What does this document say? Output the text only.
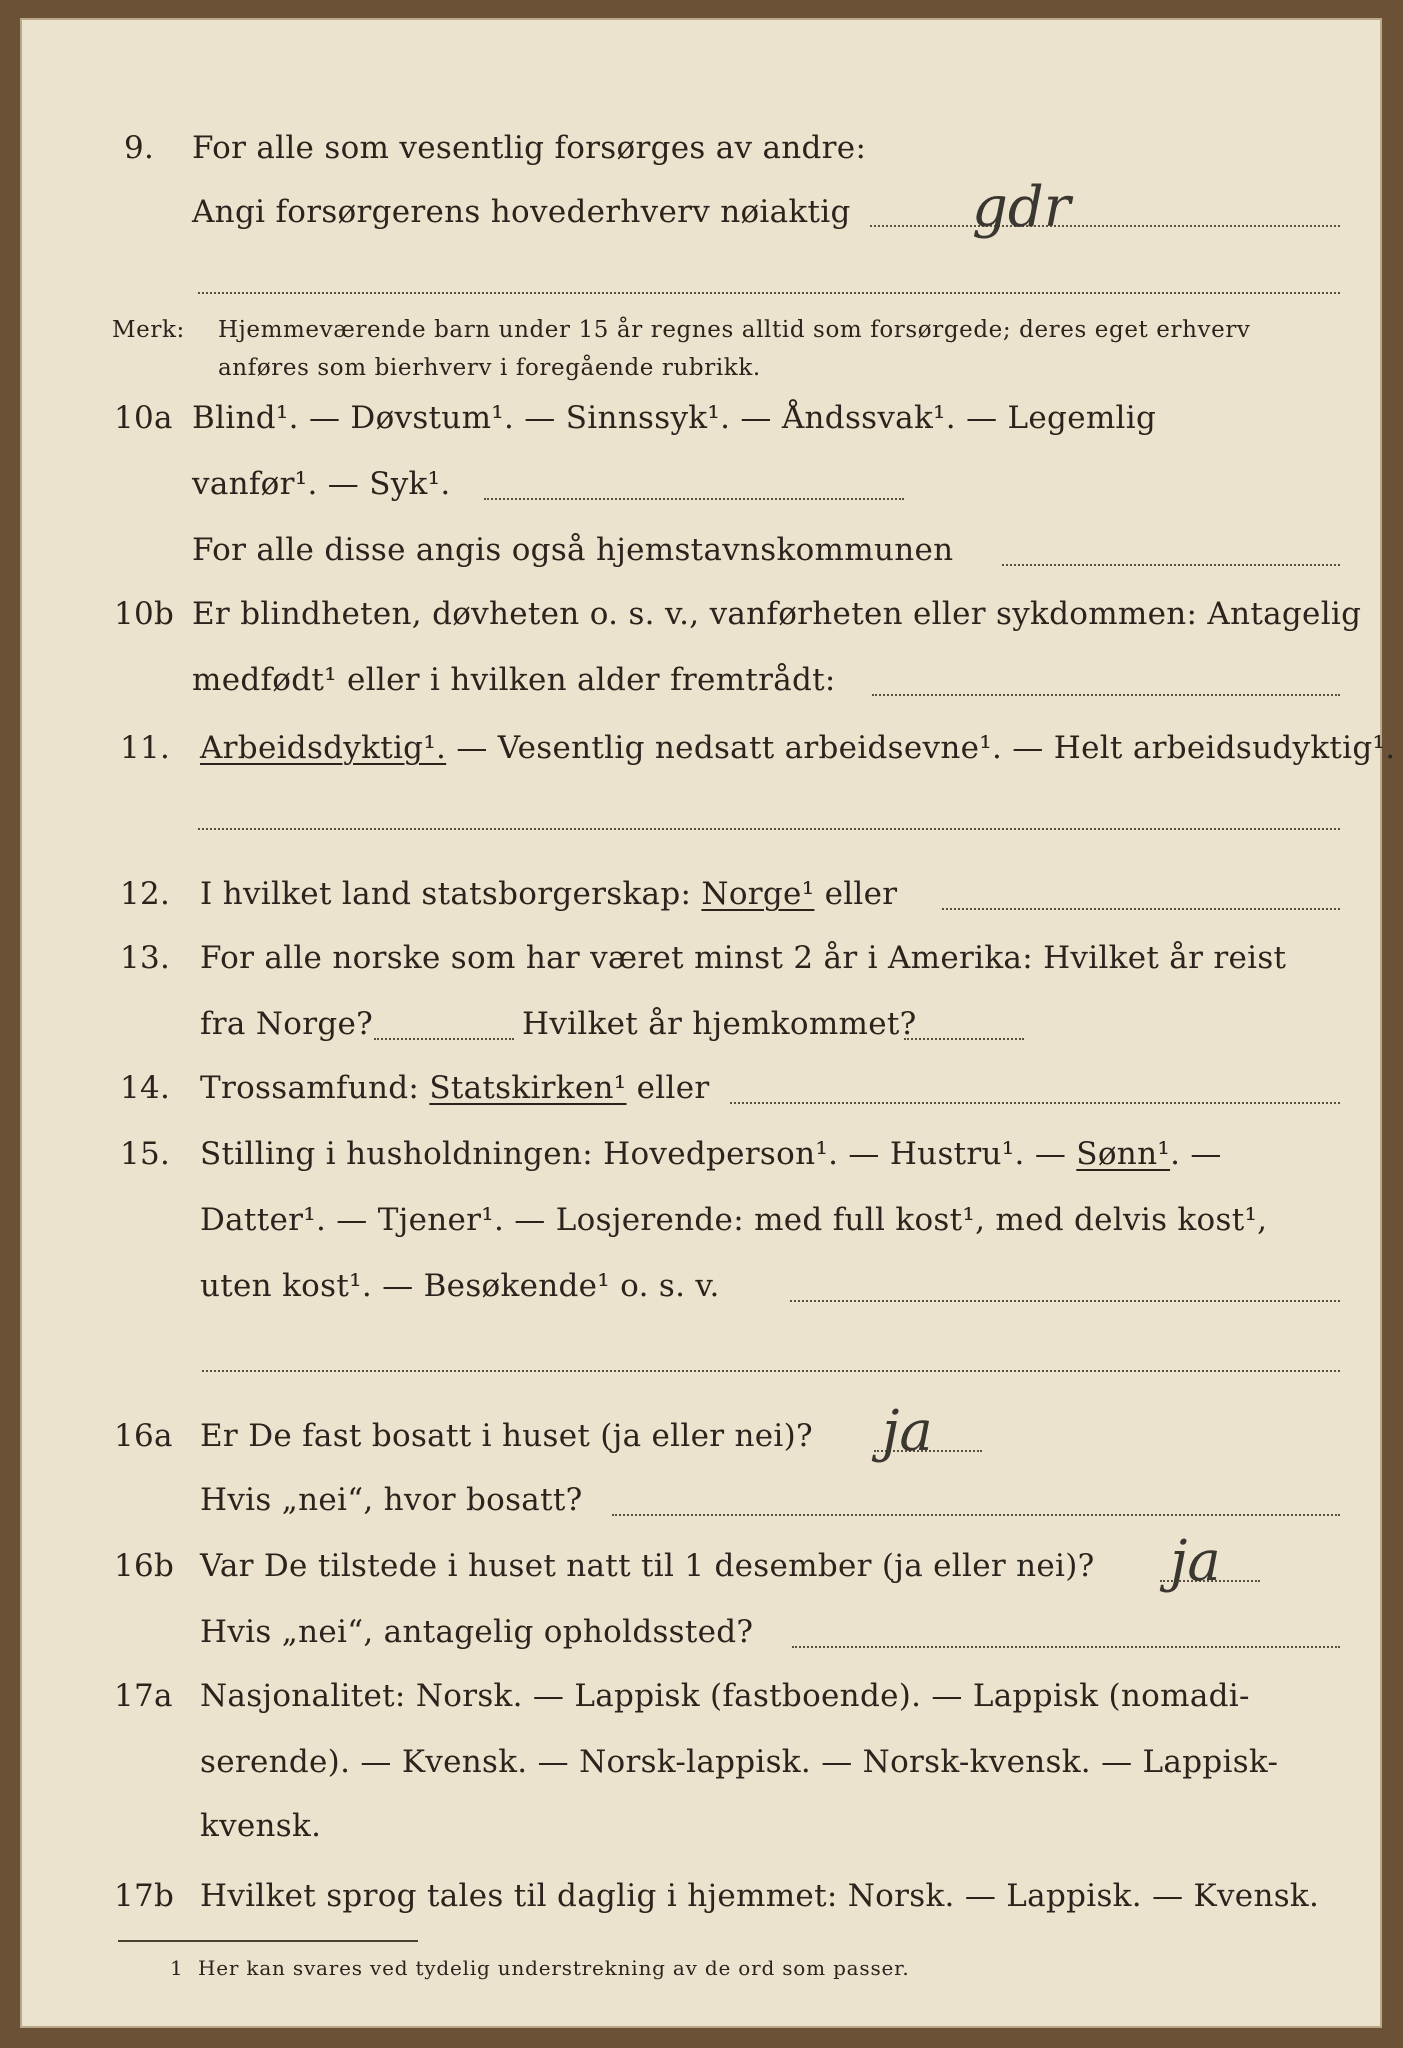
9. For alle som vesentlig forsørges av andre:
Angi forsørgerens hovederhverv nøiaktig gdr
Merk: Hjemmeværende barn under 15 år regnes alltid som forsørgede; deres eget erhverv
anføres som bierhverv i foregående rubrikk.
10a Blind¹. — Døvstum¹. — Sinnssyk¹. — Åndssvak¹. — Legemlig
vanfør¹. — Syk¹.
For alle disse angis også hjemstavnskommunen
10b Er blindheten, døvheten o. s. v., vanførheten eller sykdommen: Antagelig
medfødt¹ eller i hvilken alder fremtrådt:
11. Arbeidsdyktig¹. — Vesentlig nedsatt arbeidsevne¹. — Helt arbeidsudyktig¹.
12. I hvilket land statsborgerskap: Norge¹ eller
13. For alle norske som har været minst 2 år i Amerika: Hvilket år reist
fra Norge?	Hvilket år hjemkommet?
14. Trossamfund: Statskirken¹ eller
15. Stilling i husholdningen: Hovedperson¹. — Hustru¹. — Sønn¹. —
Datter¹. — Tjener¹. — Losjerende: med full kost¹, med delvis kost¹,
uten kost¹. — Besøkende¹ o. s. v.
16a Er De fast bosatt i huset (ja eller nei)? ja
Hvis „nei“, hvor bosatt?
16b Var De tilstede i huset natt til 1 desember (ja eller nei)? ja
Hvis „nei“, antagelig opholdssted?
17a Nasjonalitet: Norsk. — Lappisk (fastboende). — Lappisk (nomadi-
serende). — Kvensk. — Norsk-lappisk. — Norsk-kvensk. — Lappisk-
kvensk.
17b Hvilket sprog tales til daglig i hjemmet: Norsk. — Lappisk. — Kvensk.
1 Her kan svares ved tydelig understrekning av de ord som passer.
